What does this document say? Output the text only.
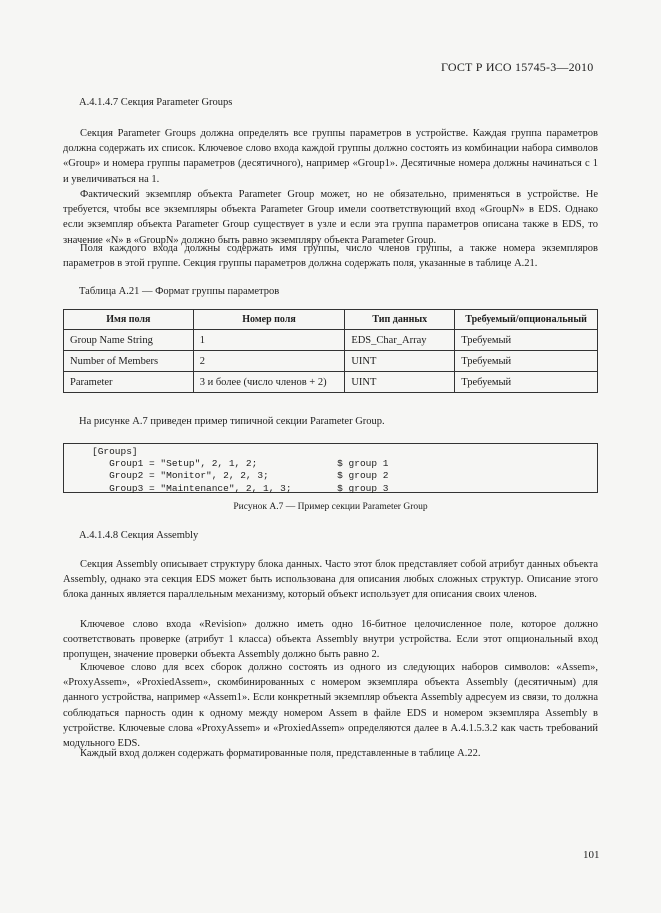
ГОСТ Р ИСО 15745-3—2010
А.4.1.4.7 Секция Parameter Groups

Секция Parameter Groups должна определять все группы параметров в устройстве. Каждая группа параметров должна содержать их список. Ключевое слово входа каждой группы должно состоять из комбинации набора символов «Group» и номера группы параметров (десятичного), например «Group1». Десятичные номера должны начинаться с 1 и увеличиваться на 1.

Фактический экземпляр объекта Parameter Group может, но не обязательно, применяться в устройстве. Не требуется, чтобы все экземпляры объекта Parameter Group имели соответствующий вход «GroupN» в EDS. Однако если экземпляр объекта Parameter Group существует в узле и если эта группа параметров описана также в EDS, то значение «N» в «GroupN» должно быть равно экземпляру объекта Parameter Group.

Поля каждого входа должны содержать имя группы, число членов группы, а также номера экземпляров параметров в этой группе. Секция группы параметров должна содержать поля, указанные в таблице А.21.

Таблица А.21 — Формат группы параметров
Имя поля	Номер поля	Тип данных	Требуемый/опциональный
Group Name String	1	EDS_Char_Array	Требуемый
Number of Members	2	UINT	Требуемый
Parameter	3 и более (число членов + 2)	UINT	Требуемый
На рисунке А.7 приведен пример типичной секции Parameter Group.
[Groups]
Group1 = "Setup", 2, 1, 2;              $ group 1
Group2 = "Monitor", 2, 2, 3;            $ group 2
Group3 = "Maintenance", 2, 1, 3;        $ group 3
Рисунок А.7 — Пример секции Parameter Group
А.4.1.4.8 Секция Assembly

Секция Assembly описывает структуру блока данных. Часто этот блок представляет собой атрибут данных объекта Assembly, однако эта секция EDS может быть использована для описания любых сложных структур. Описание этого блока данных является параллельным механизму, который объект использует для описания своих членов.

Ключевое слово входа «Revision» должно иметь одно 16-битное целочисленное поле, которое должно соответствовать проверке (атрибут 1 класса) объекта Assembly внутри устройства. Если этот опциональный вход пропущен, значение проверки объекта Assembly должно быть равно 2.

Ключевое слово для всех сборок должно состоять из одного из следующих наборов символов: «Assem», «ProxyAssem», «ProxiedAssem», скомбинированных с номером экземпляра объекта Assembly (десятичным) для данного устройства, например «Assem1». Если конкретный экземпляр объекта Assembly адресуем из связи, то должна соблюдаться парность один к одному между номером Assem в файле EDS и номером экземпляра Assembly в устройстве. Ключевые слова «ProxyAssem» и «ProxiedAssem» определяются далее в А.4.1.5.3.2 как часть требований модульного EDS.

Каждый вход должен содержать форматированные поля, представленные в таблице А.22.

101
